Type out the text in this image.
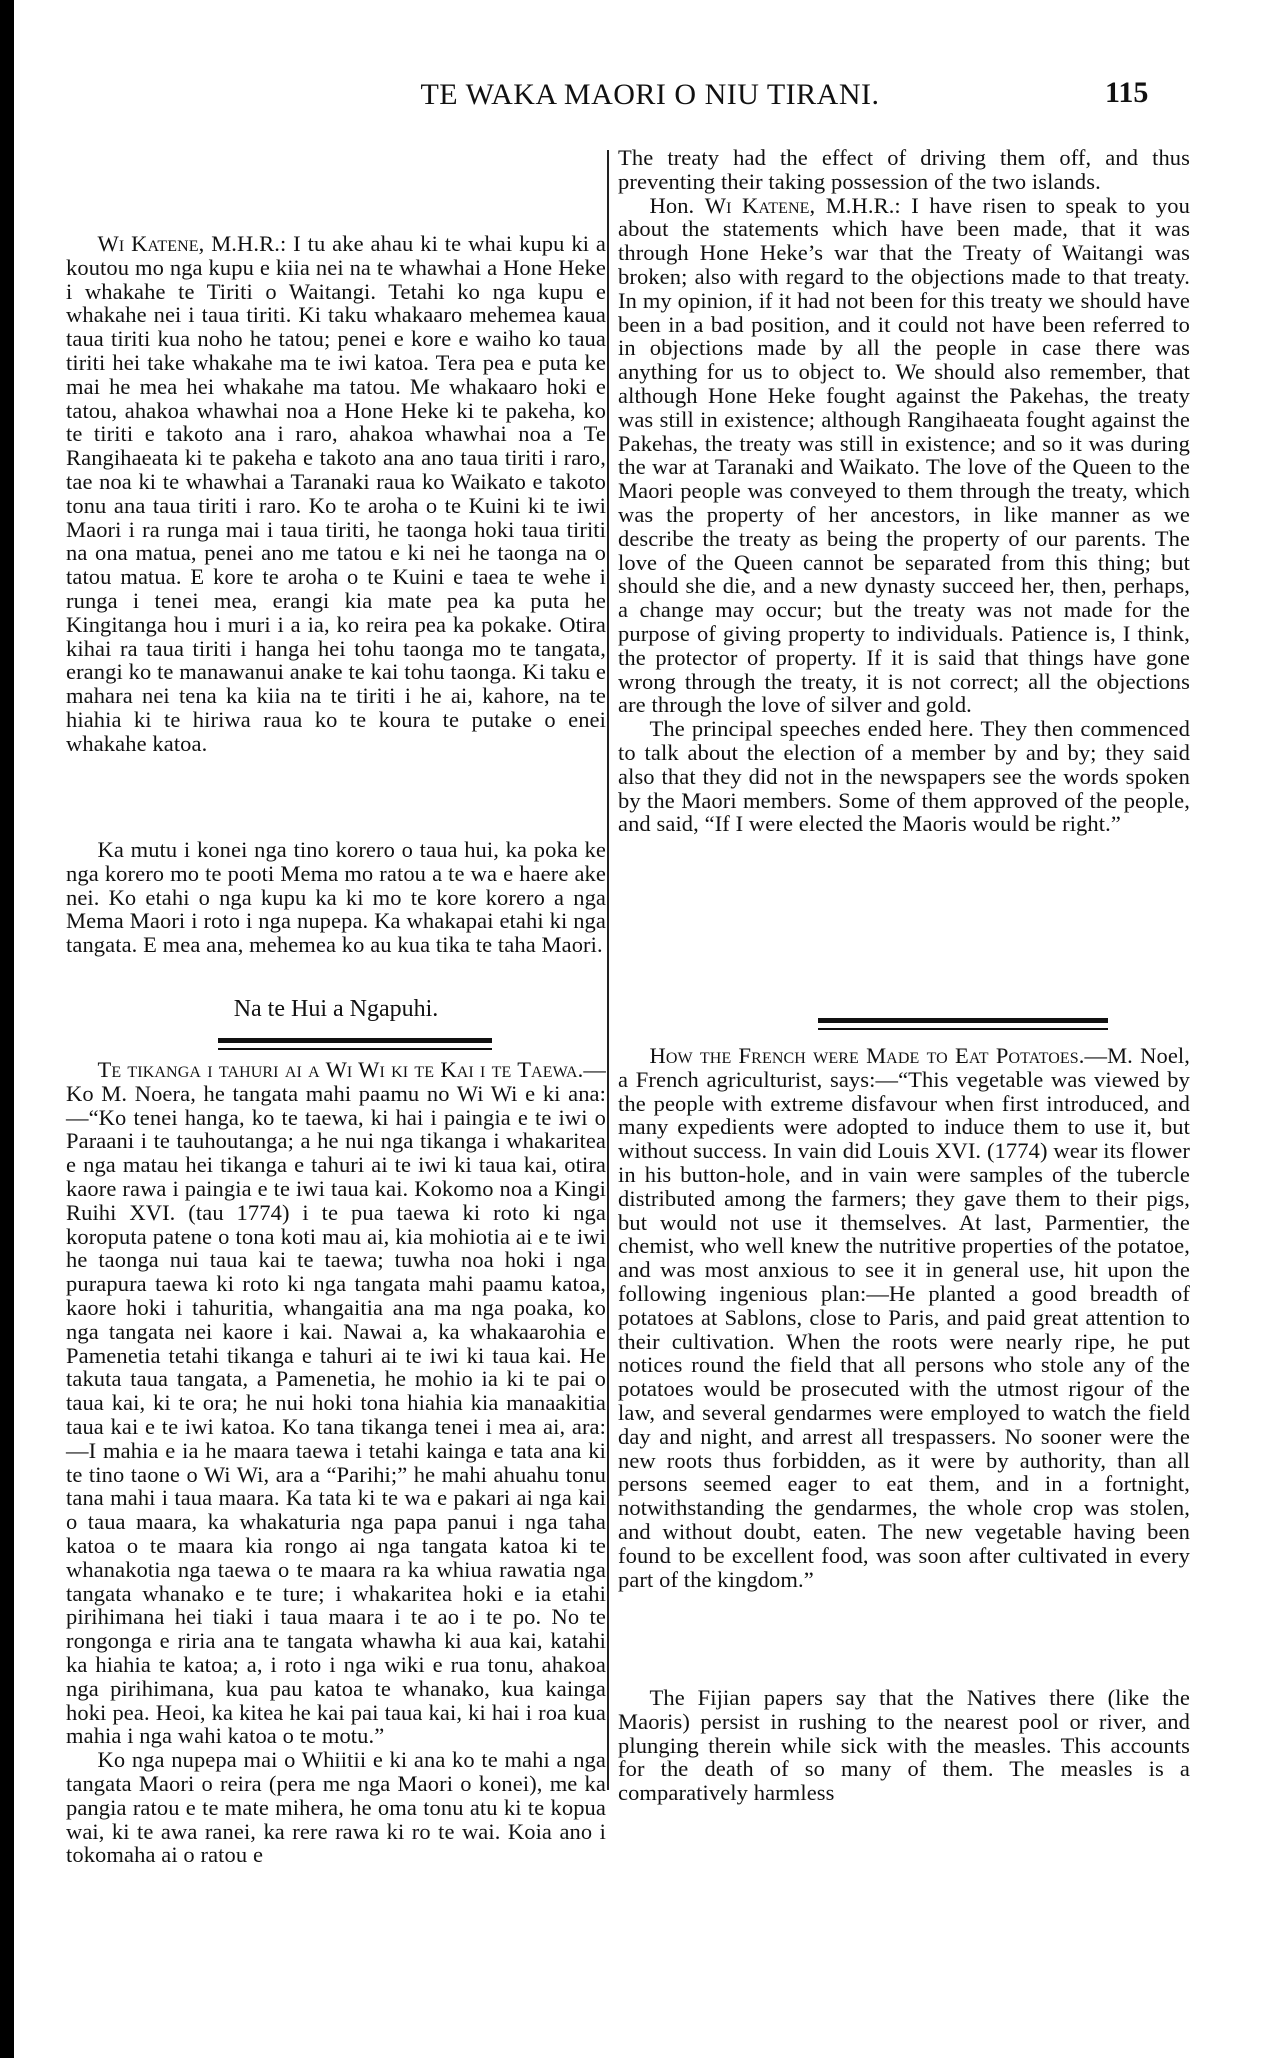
TE WAKA MAORI O NIU TIRANI.	115

Wi Katene, M.H.R.: I tu ake ahau ki te whai kupu ki a koutou mo nga kupu e kiia nei na te whawhai a Hone Heke i whakahe te Tiriti o Waitangi. Tetahi ko nga kupu e whakahe nei i taua tiriti. Ki taku whakaaro mehemea kaua taua tiriti kua noho he tatou; penei e kore e waiho ko taua tiriti hei take whakahe ma te iwi katoa. Tera pea e puta ke mai he mea hei whakahe ma tatou. Me whakaaro hoki e tatou, ahakoa whawhai noa a Hone Heke ki te pakeha, ko te tiriti e takoto ana i raro, ahakoa whawhai noa a Te Rangihaeata ki te pakeha e takoto ana ano taua tiriti i raro, tae noa ki te whawhai a Taranaki raua ko Waikato e takoto tonu ana taua tiriti i raro. Ko te aroha o te Kuini ki te iwi Maori i ra runga mai i taua tiriti, he taonga hoki taua tiriti na ona matua, penei ano me tatou e ki nei he taonga na o tatou matua. E kore te aroha o te Kuini e taea te wehe i runga i tenei mea, erangi kia mate pea ka puta he Kingitanga hou i muri i a ia, ko reira pea ka pokake. Otira kihai ra taua tiriti i hanga hei tohu taonga mo te tangata, erangi ko te manawanui anake te kai tohu taonga. Ki taku e mahara nei tena ka kiia na te tiriti i he ai, kahore, na te hiahia ki te hiriwa raua ko te koura te putake o enei whakahe katoa.

Ka mutu i konei nga tino korero o taua hui, ka poka ke nga korero mo te pooti Mema mo ratou a te wa e haere ake nei. Ko etahi o nga kupu ka ki mo te kore korero a nga Mema Maori i roto i nga nupepa. Ka whakapai etahi ki nga tangata. E mea ana, mehemea ko au kua tika te taha Maori.

Na te Hui a Ngapuhi.

Te tikanga i tahuri ai a Wi Wi ki te Kai i te Taewa.—Ko M. Noera, he tangata mahi paamu no Wi Wi e ki ana:—“Ko tenei hanga, ko te taewa, ki hai i paingia e te iwi o Paraani i te tauhoutanga; a he nui nga tikanga i whakaritea e nga matau hei tikanga e tahuri ai te iwi ki taua kai, otira kaore rawa i paingia e te iwi taua kai. Kokomo noa a Kingi Ruihi XVI. (tau 1774) i te pua taewa ki roto ki nga koroputa patene o tona koti mau ai, kia mohiotia ai e te iwi he taonga nui taua kai te taewa; tuwha noa hoki i nga purapura taewa ki roto ki nga tangata mahi paamu katoa, kaore hoki i tahuritia, whangaitia ana ma nga poaka, ko nga tangata nei kaore i kai. Nawai a, ka whakaarohia e Pamenetia tetahi tikanga e tahuri ai te iwi ki taua kai. He takuta taua tangata, a Pamenetia, he mohio ia ki te pai o taua kai, ki te ora; he nui hoki tona hiahia kia manaakitia taua kai e te iwi katoa. Ko tana tikanga tenei i mea ai, ara:—I mahia e ia he maara taewa i tetahi kainga e tata ana ki te tino taone o Wi Wi, ara a “Parihi;” he mahi ahuahu tonu tana mahi i taua maara. Ka tata ki te wa e pakari ai nga kai o taua maara, ka whakaturia nga papa panui i nga taha katoa o te maara kia rongo ai nga tangata katoa ki te whanakotia nga taewa o te maara ra ka whiua rawatia nga tangata whanako e te ture; i whakaritea hoki e ia etahi pirihimana hei tiaki i taua maara i te ao i te po. No te rongonga e riria ana te tangata whawha ki aua kai, katahi ka hiahia te katoa; a, i roto i nga wiki e rua tonu, ahakoa nga pirihimana, kua pau katoa te whanako, kua kainga hoki pea. Heoi, ka kitea he kai pai taua kai, ki hai i roa kua mahia i nga wahi katoa o te motu.”

Ko nga nupepa mai o Whiitii e ki ana ko te mahi a nga tangata Maori o reira (pera me nga Maori o konei), me ka pangia ratou e te mate mihera, he oma tonu atu ki te kopua wai, ki te awa ranei, ka rere rawa ki ro te wai. Koia ano i tokomaha ai o ratou e

The treaty had the effect of driving them off, and thus preventing their taking possession of the two islands.

Hon. Wi Katene, M.H.R.: I have risen to speak to you about the statements which have been made, that it was through Hone Heke’s war that the Treaty of Waitangi was broken; also with regard to the objections made to that treaty. In my opinion, if it had not been for this treaty we should have been in a bad position, and it could not have been referred to in objections made by all the people in case there was anything for us to object to. We should also remember, that although Hone Heke fought against the Pakehas, the treaty was still in existence; although Rangihaeata fought against the Pakehas, the treaty was still in existence; and so it was during the war at Taranaki and Waikato. The love of the Queen to the Maori people was conveyed to them through the treaty, which was the property of her ancestors, in like manner as we describe the treaty as being the property of our parents. The love of the Queen cannot be separated from this thing; but should she die, and a new dynasty succeed her, then, perhaps, a change may occur; but the treaty was not made for the purpose of giving property to individuals. Patience is, I think, the protector of property. If it is said that things have gone wrong through the treaty, it is not correct; all the objections are through the love of silver and gold.

The principal speeches ended here. They then commenced to talk about the election of a member by and by; they said also that they did not in the newspapers see the words spoken by the Maori members. Some of them approved of the people, and said, “If I were elected the Maoris would be right.”

How the French were Made to Eat Potatoes.—M. Noel, a French agriculturist, says:—“This vegetable was viewed by the people with extreme disfavour when first introduced, and many expedients were adopted to induce them to use it, but without success. In vain did Louis XVI. (1774) wear its flower in his button-hole, and in vain were samples of the tubercle distributed among the farmers; they gave them to their pigs, but would not use it themselves. At last, Parmentier, the chemist, who well knew the nutritive properties of the potatoe, and was most anxious to see it in general use, hit upon the following ingenious plan:—He planted a good breadth of potatoes at Sablons, close to Paris, and paid great attention to their cultivation. When the roots were nearly ripe, he put notices round the field that all persons who stole any of the potatoes would be prosecuted with the utmost rigour of the law, and several gendarmes were employed to watch the field day and night, and arrest all trespassers. No sooner were the new roots thus forbidden, as it were by authority, than all persons seemed eager to eat them, and in a fortnight, notwithstanding the gendarmes, the whole crop was stolen, and without doubt, eaten. The new vegetable having been found to be excellent food, was soon after cultivated in every part of the kingdom.”

The Fijian papers say that the Natives there (like the Maoris) persist in rushing to the nearest pool or river, and plunging therein while sick with the measles. This accounts for the death of so many of them. The measles is a comparatively harmless
